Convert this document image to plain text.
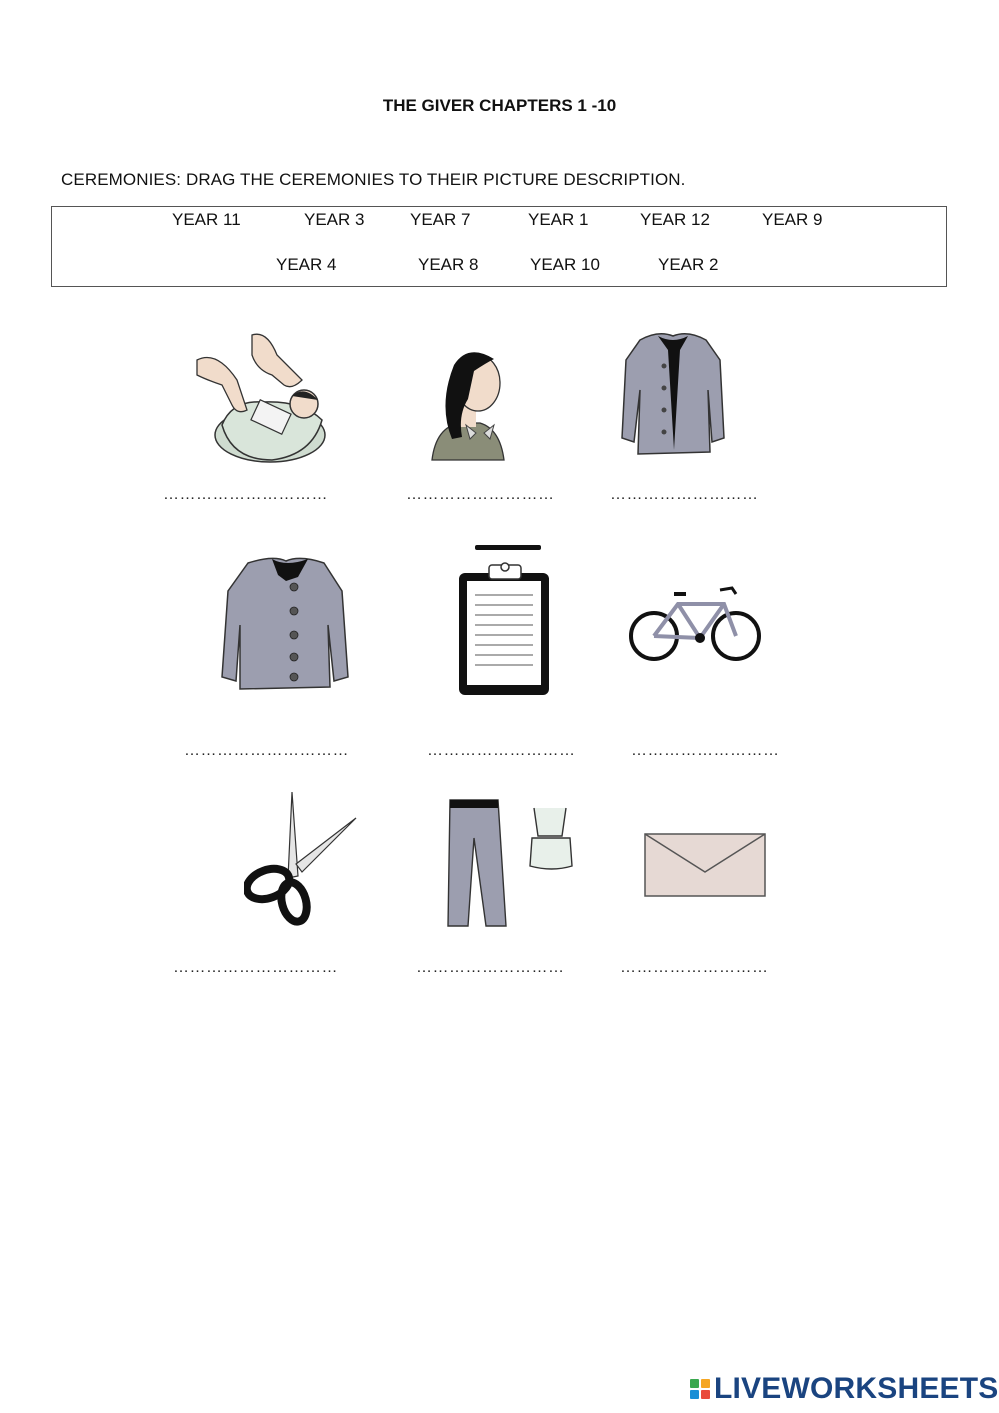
THE GIVER CHAPTERS 1 -10
CEREMONIES: DRAG THE CEREMONIES TO THEIR PICTURE DESCRIPTION.
YEAR 11	YEAR 3	YEAR 7	YEAR 1	YEAR 12	YEAR 9
YEAR 4	YEAR 8	YEAR 10	YEAR 2
…………………………	………………………	………………………
…………………………	………………………	………………………
…………………………	………………………	………………………
LIVEWORKSHEETS
